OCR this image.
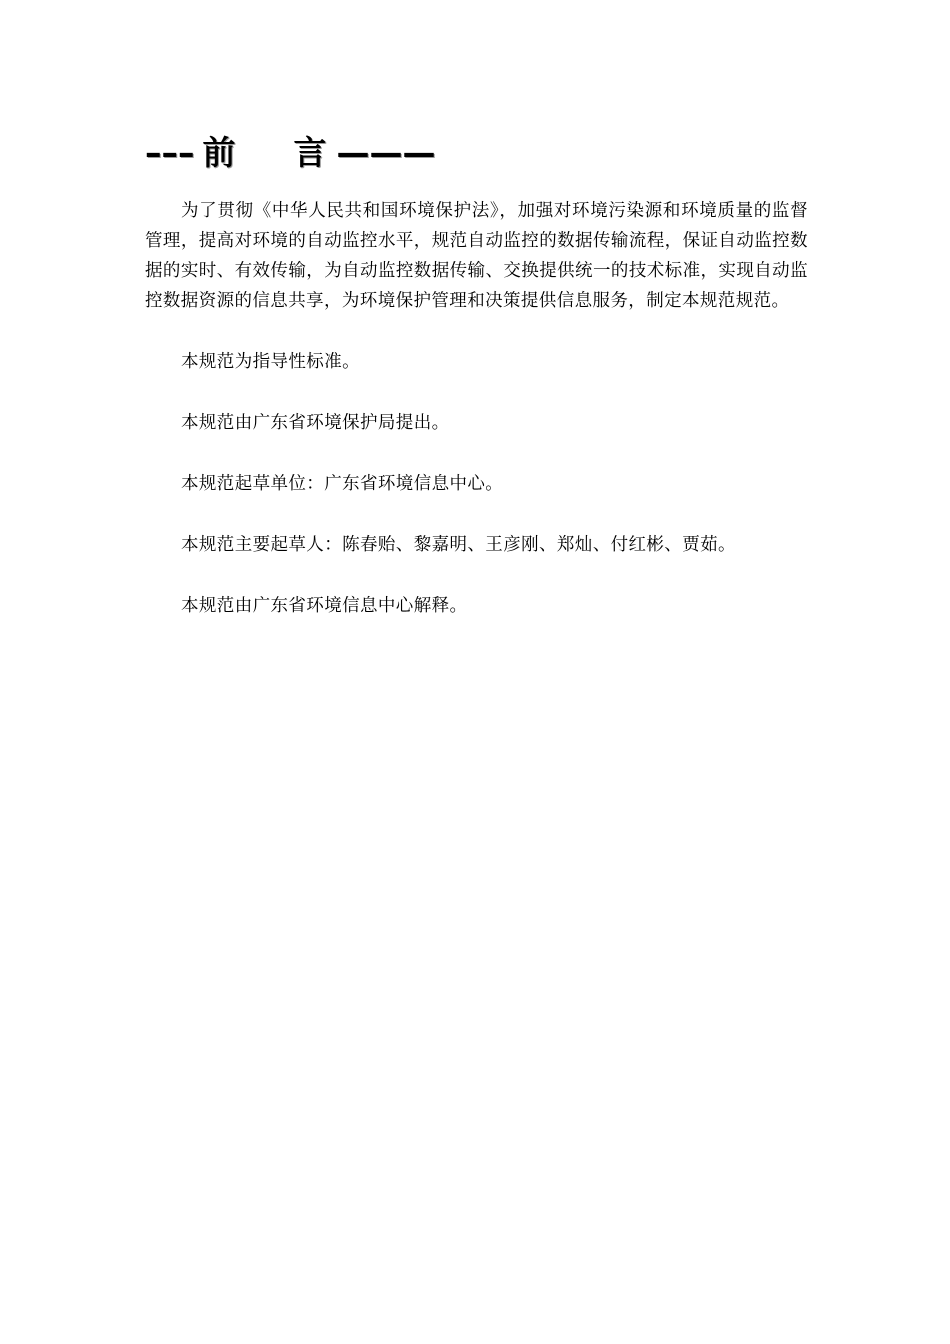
––– 前 言 ———

为了贯彻《中华人民共和国环境保护法》，加强对环境污染源和环境质量的监督管理，提高对环境的自动监控水平，规范自动监控的数据传输流程，保证自动监控数据的实时、有效传输，为自动监控数据传输、交换提供统一的技术标准，实现自动监控数据资源的信息共享，为环境保护管理和决策提供信息服务，制定本规范规范。

本规范为指导性标准。

本规范由广东省环境保护局提出。

本规范起草单位：广东省环境信息中心。

本规范主要起草人：陈春贻、黎嘉明、王彦刚、郑灿、付红彬、贾茹。

本规范由广东省环境信息中心解释。
